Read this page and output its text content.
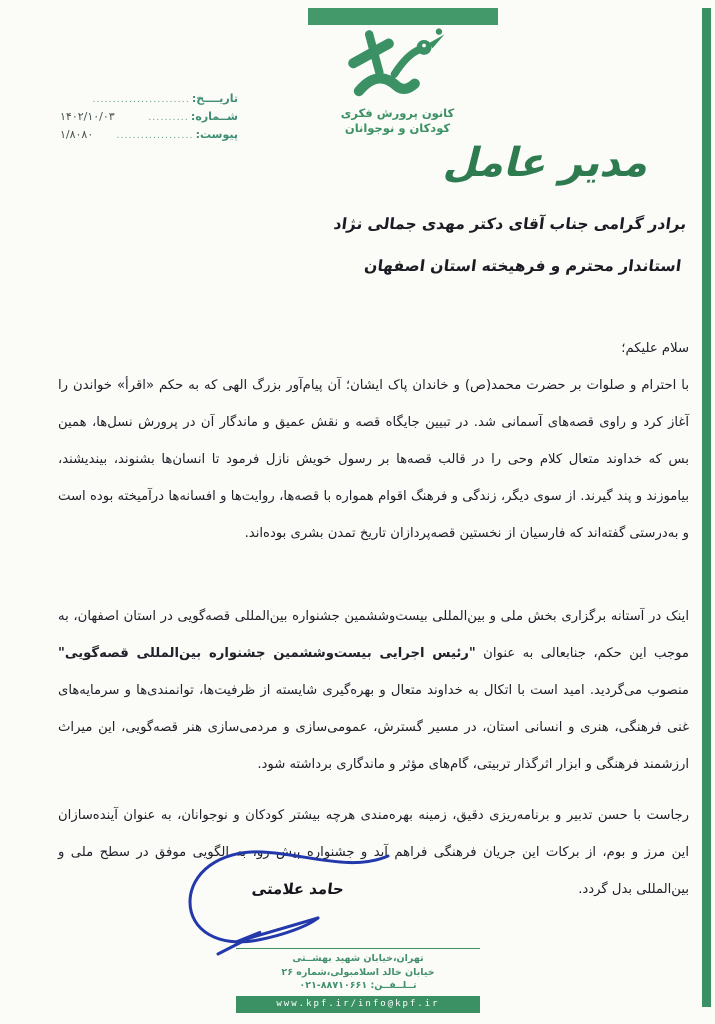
کانون پرورش فکری
کودکان و نوجوانان
تاریــــخ:
........................
شــماره:
..........
۱۴۰۲/۱۰/۰۳
پیوست:
...................
۱/۸۰۸۰
مدیر عامل
برادر گرامی جناب آقای دکتر مهدی جمالی نژاد
استاندار محترم و فرهیخته استان اصفهان
سلام علیکم؛

با احترام و صلوات بر حضرت محمد(ص) و خاندان پاک ایشان؛ آن پیام‌آور بزرگ الهی که به حکم «اقرأ» خواندن را آغاز کرد و راوی قصه‌های آسمانی شد. در تبیین جایگاه قصه و نقش عمیق و ماندگار آن در پرورش نسل‌ها، همین بس که خداوند متعال کلام وحی را در قالب قصه‌ها بر رسول خویش نازل فرمود تا انسان‌ها بشنوند، بیندیشند، بیاموزند و پند گیرند. از سوی دیگر، زندگی و فرهنگ اقوام همواره با قصه‌ها، روایت‌ها و افسانه‌ها درآمیخته بوده است و به‌درستی گفته‌اند که فارسیان از نخستین قصه‌پردازان تاریخ تمدن بشری بوده‌اند.

اینک در آستانه برگزاری بخش ملی و بین‌المللی بیست‌وششمین جشنواره بین‌المللی قصه‌گویی در استان اصفهان، به موجب این حکم، جنابعالی به عنوان "رئیس اجرایی بیست‌وششمین جشنواره بین‌المللی قصه‌گویی" منصوب می‌گردید. امید است با اتکال به خداوند متعال و بهره‌گیری شایسته از ظرفیت‌ها، توانمندی‌ها و سرمایه‌های غنی فرهنگی، هنری و انسانی استان، در مسیر گسترش، عمومی‌سازی و مردمی‌سازی هنر قصه‌گویی، این میراث ارزشمند فرهنگی و ابزار اثرگذار تربیتی، گام‌های مؤثر و ماندگاری برداشته شود.

رجاست با حسن تدبیر و برنامه‌ریزی دقیق، زمینه بهره‌مندی هرچه بیشتر کودکان و نوجوانان، به عنوان آینده‌سازان این مرز و بوم، از برکات این جریان فرهنگی فراهم آید و جشنواره پیش رو، به الگویی موفق در سطح ملی و بین‌المللی بدل گردد.

حامد علامتی
تهران،خیابان شهید بهشــتی
خیابان خالد اسلامبولی،شماره ۲۶
تــلــفــن: ۰۲۱-۸۸۷۱۰۶۶۱
www.kpf.ir/info@kpf.ir
